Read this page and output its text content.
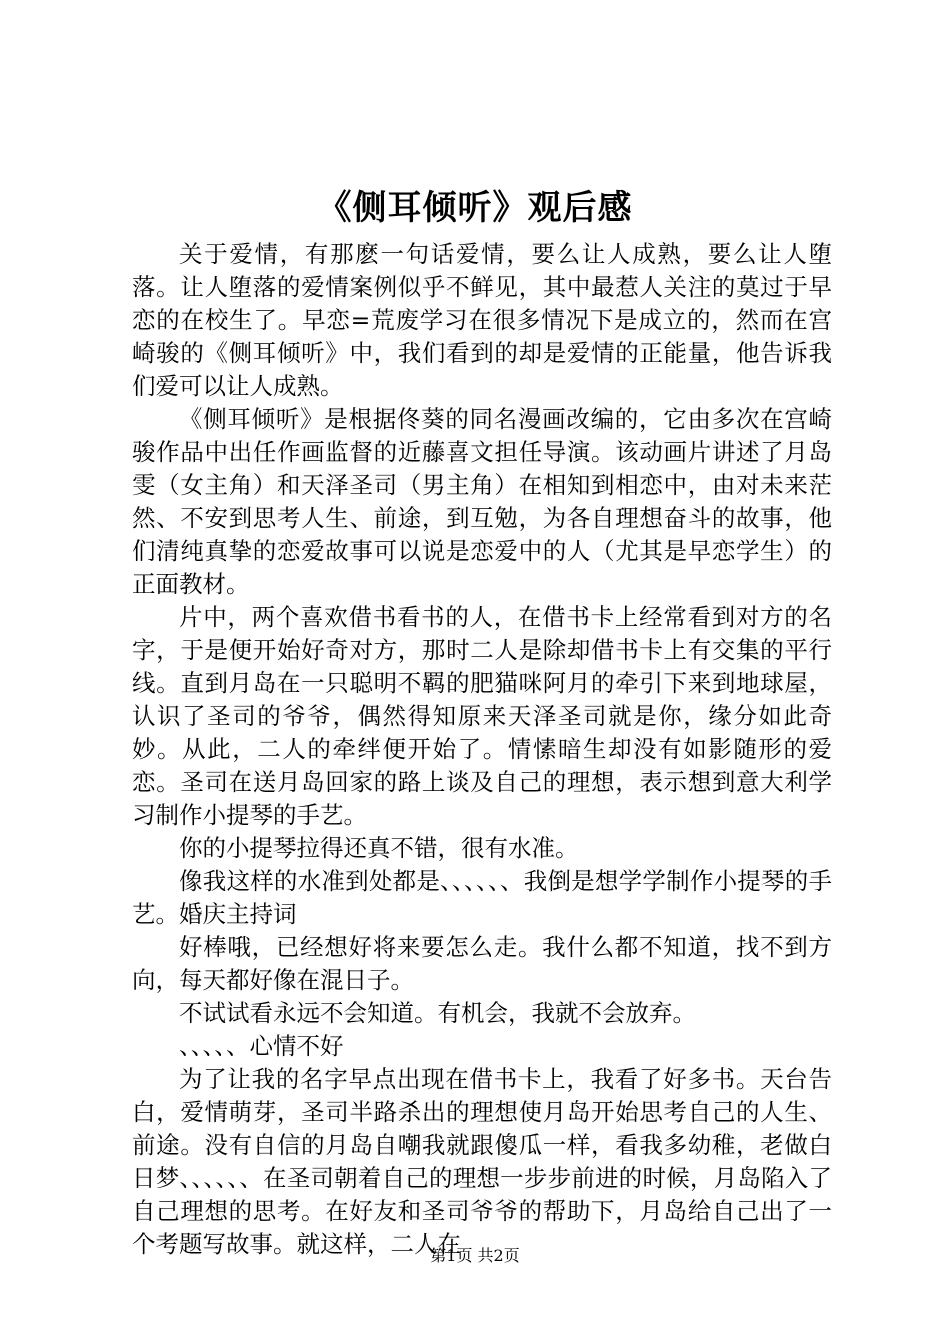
《侧耳倾听》观后感

关于爱情，有那麽一句话爱情，要么让人成熟，要么让人堕落。让人堕落的爱情案例似乎不鲜见，其中最惹人关注的莫过于早恋的在校生了。早恋=荒废学习在很多情况下是成立的，然而在宫崎骏的《侧耳倾听》中，我们看到的却是爱情的正能量，他告诉我们爱可以让人成熟。

《侧耳倾听》是根据佟葵的同名漫画改编的，它由多次在宫崎骏作品中出任作画监督的近藤喜文担任导演。该动画片讲述了月岛雯（女主角）和天泽圣司（男主角）在相知到相恋中，由对未来茫然、不安到思考人生、前途，到互勉，为各自理想奋斗的故事，他们清纯真挚的恋爱故事可以说是恋爱中的人（尤其是早恋学生）的正面教材。

片中，两个喜欢借书看书的人，在借书卡上经常看到对方的名字，于是便开始好奇对方，那时二人是除却借书卡上有交集的平行线。直到月岛在一只聪明不羁的肥猫咪阿月的牵引下来到地球屋，认识了圣司的爷爷，偶然得知原来天泽圣司就是你，缘分如此奇妙。从此，二人的牵绊便开始了。情愫暗生却没有如影随形的爱恋。圣司在送月岛回家的路上谈及自己的理想，表示想到意大利学习制作小提琴的手艺。

你的小提琴拉得还真不错，很有水准。

像我这样的水准到处都是、、、、、、我倒是想学学制作小提琴的手艺。婚庆主持词

好棒哦，已经想好将来要怎么走。我什么都不知道，找不到方向，每天都好像在混日子。

不试试看永远不会知道。有机会，我就不会放弃。

、、、、、心情不好

为了让我的名字早点出现在借书卡上，我看了好多书。天台告白，爱情萌芽，圣司半路杀出的理想使月岛开始思考自己的人生、前途。没有自信的月岛自嘲我就跟傻瓜一样，看我多幼稚，老做白日梦、、、、、、在圣司朝着自己的理想一步步前进的时候，月岛陷入了自己理想的思考。在好友和圣司爷爷的帮助下，月岛给自己出了一个考题写故事。就这样，二人在

第1页 共2页
